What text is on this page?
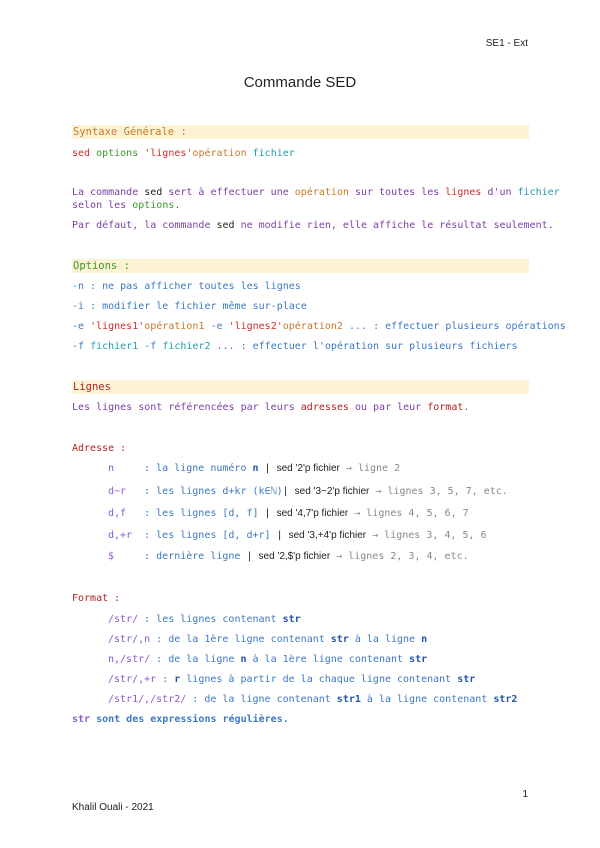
SE1 - Ext
Commande SED
Syntaxe Générale :
sed options 'lignes'opération fichier
La commande sed sert à effectuer une opération sur toutes les lignes d'un fichier
selon les options.
Par défaut, la commande sed ne modifie rien, elle affiche le résultat seulement.
Options :
-n : ne pas afficher toutes les lignes
-i : modifier le fichier même sur-place
-e 'lignes1'opération1 -e 'lignes2'opération2 ... : effectuer plusieurs opérations
-f fichier1 -f fichier2 ... : effectuer l'opération sur plusieurs fichiers
Lignes
Les lignes sont référencées par leurs adresses ou par leur format.
Adresse :
n     : la ligne numéro n | sed '2'p fichier → ligne 2
d~r   : les lignes d+kr (k∈ℕ)| sed '3~2'p fichier → lignes 3, 5, 7, etc.
d,f   : les lignes [d, f] | sed '4,7'p fichier → lignes 4, 5, 6, 7
d,+r  : les lignes [d, d+r] | sed '3,+4'p fichier → lignes 3, 4, 5, 6
$     : dernière ligne | sed '2,$'p fichier → lignes 2, 3, 4, etc.
Format :
/str/ : les lignes contenant str
/str/,n : de la 1ère ligne contenant str à la ligne n
n,/str/ : de la ligne n à la 1ère ligne contenant str
/str/,+r : r lignes à partir de la chaque ligne contenant str
/str1/,/str2/ : de la ligne contenant str1 à la ligne contenant str2
str sont des expressions régulières.
1
Khalil Ouali - 2021
